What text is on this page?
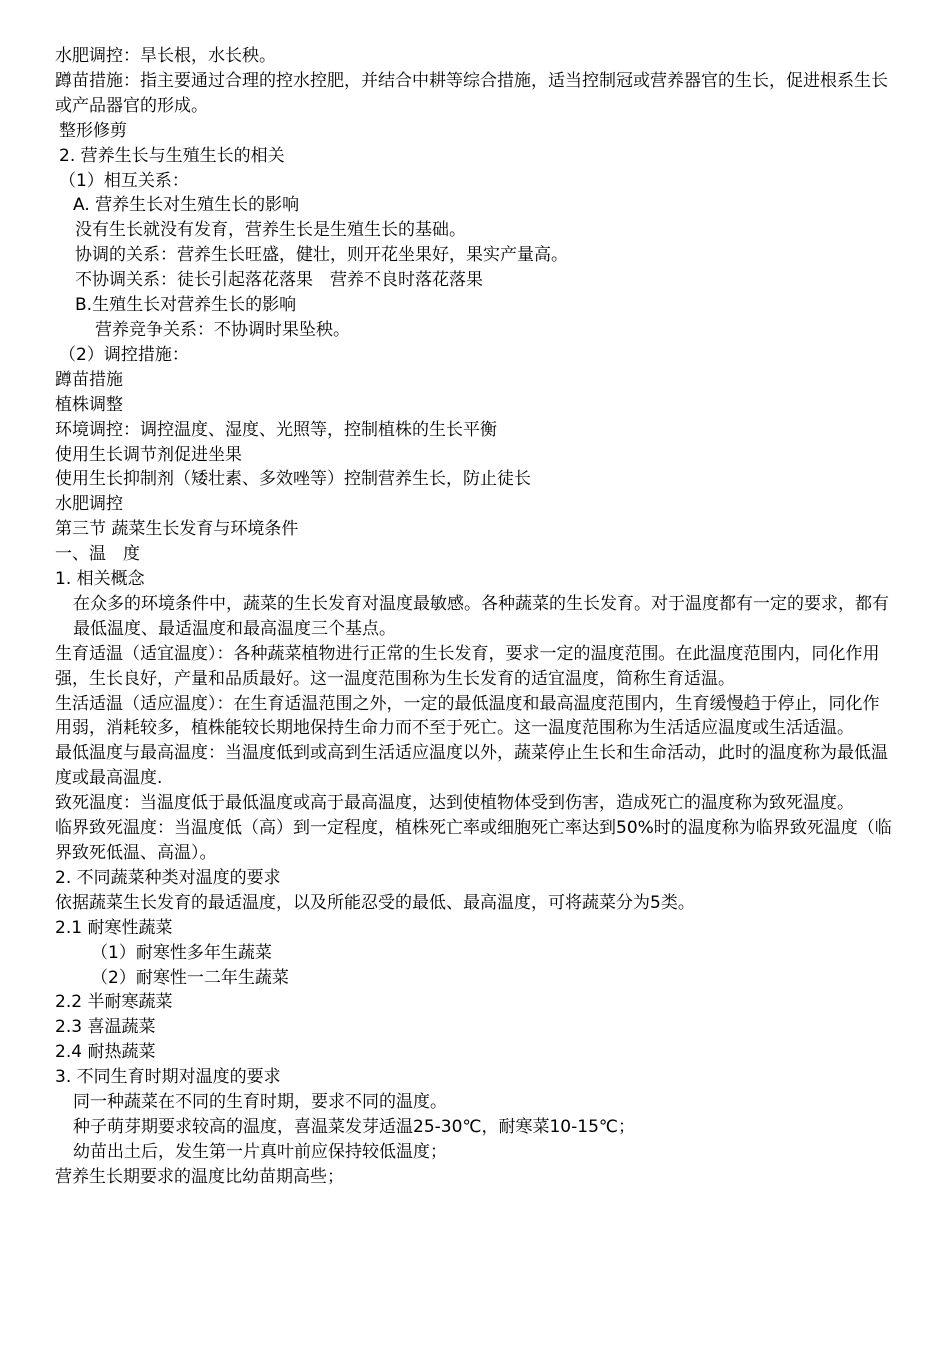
水肥调控：旱长根，水长秧。
蹲苗措施：指主要通过合理的控水控肥，并结合中耕等综合措施，适当控制冠或营养器官的生长，促进根系生长或产品器官的形成。
整形修剪
2. 营养生长与生殖生长的相关
（1）相互关系：
A. 营养生长对生殖生长的影响
没有生长就没有发育，营养生长是生殖生长的基础。
协调的关系：营养生长旺盛，健壮，则开花坐果好，果实产量高。
不协调关系：徒长引起落花落果　营养不良时落花落果
B.生殖生长对营养生长的影响
营养竞争关系：不协调时果坠秧。
（2）调控措施：
蹲苗措施
植株调整
环境调控：调控温度、湿度、光照等，控制植株的生长平衡
使用生长调节剂促进坐果
使用生长抑制剂（矮壮素、多效唑等）控制营养生长，防止徒长
水肥调控
第三节 蔬菜生长发育与环境条件
一、温　度
1. 相关概念
在众多的环境条件中，蔬菜的生长发育对温度最敏感。各种蔬菜的生长发育。对于温度都有一定的要求，都有最低温度、最适温度和最高温度三个基点。
生育适温（适宜温度）：各种蔬菜植物进行正常的生长发育，要求一定的温度范围。在此温度范围内，同化作用强，生长良好，产量和品质最好。这一温度范围称为生长发育的适宜温度，简称生育适温。
生活适温（适应温度）：在生育适温范围之外，一定的最低温度和最高温度范围内，生育缓慢趋于停止，同化作用弱，消耗较多，植株能较长期地保持生命力而不至于死亡。这一温度范围称为生活适应温度或生活适温。
最低温度与最高温度：当温度低到或高到生活适应温度以外，蔬菜停止生长和生命活动，此时的温度称为最低温度或最高温度.
致死温度：当温度低于最低温度或高于最高温度，达到使植物体受到伤害，造成死亡的温度称为致死温度。
临界致死温度：当温度低（高）到一定程度，植株死亡率或细胞死亡率达到50%时的温度称为临界致死温度（临界致死低温、高温）。
2. 不同蔬菜种类对温度的要求
依据蔬菜生长发育的最适温度，以及所能忍受的最低、最高温度，可将蔬菜分为5类。
2.1 耐寒性蔬菜
（1）耐寒性多年生蔬菜
（2）耐寒性一二年生蔬菜
2.2 半耐寒蔬菜
2.3 喜温蔬菜
2.4 耐热蔬菜
3. 不同生育时期对温度的要求
同一种蔬菜在不同的生育时期，要求不同的温度。
种子萌芽期要求较高的温度，喜温菜发芽适温25-30℃，耐寒菜10-15℃；
幼苗出土后，发生第一片真叶前应保持较低温度；
营养生长期要求的温度比幼苗期高些；
